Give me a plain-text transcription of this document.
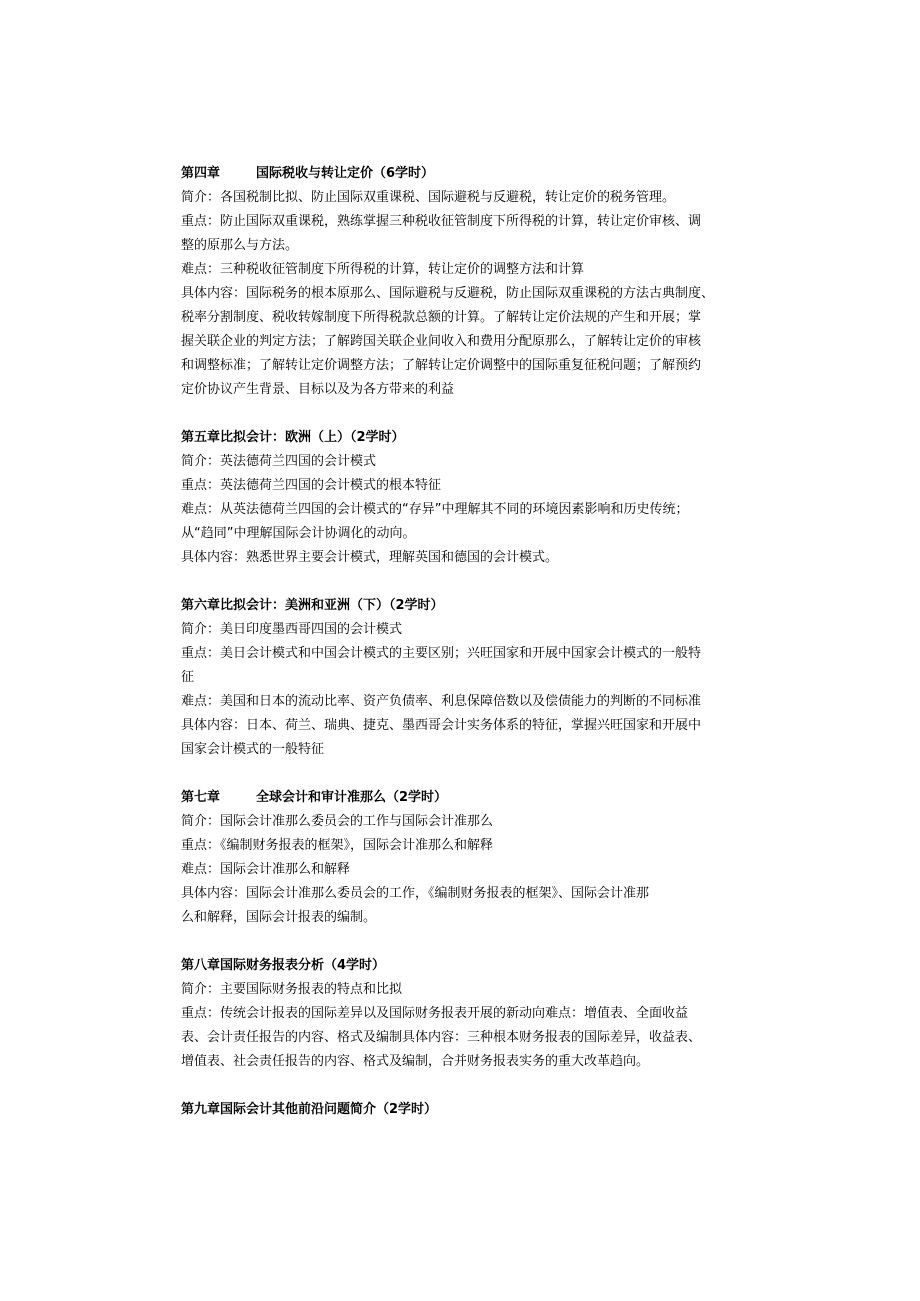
第四章	国际税收与转让定价（6学时）
简介：各国税制比拟、防止国际双重课税、国际避税与反避税，转让定价的税务管理。
重点：防止国际双重课税，熟练掌握三种税收征管制度下所得税的计算，转让定价审核、调
整的原那么与方法。
难点：三种税收征管制度下所得税的计算，转让定价的调整方法和计算
具体内容：国际税务的根本原那么、国际避税与反避税，防止国际双重课税的方法古典制度、
税率分割制度、税收转嫁制度下所得税款总额的计算。了解转让定价法规的产生和开展；掌
握关联企业的判定方法；了解跨国关联企业间收入和费用分配原那么，了解转让定价的审核
和调整标准；了解转让定价调整方法；了解转让定价调整中的国际重复征税问题；了解预约
定价协议产生背景、目标以及为各方带来的利益
第五章比拟会计：欧洲（上）（2学时）
简介：英法德荷兰四国的会计模式
重点：英法德荷兰四国的会计模式的根本特征
难点：从英法德荷兰四国的会计模式的“存异”中理解其不同的环境因素影响和历史传统；
从“趋同”中理解国际会计协调化的动向。
具体内容：熟悉世界主要会计模式，理解英国和德国的会计模式。
第六章比拟会计：美洲和亚洲（下）（2学时）
简介：美日印度墨西哥四国的会计模式
重点：美日会计模式和中国会计模式的主要区别；兴旺国家和开展中国家会计模式的一般特
征
难点：美国和日本的流动比率、资产负债率、利息保障倍数以及偿债能力的判断的不同标准
具体内容：日本、荷兰、瑞典、捷克、墨西哥会计实务体系的特征，掌握兴旺国家和开展中
国家会计模式的一般特征
第七章	全球会计和审计准那么（2学时）
简介：国际会计准那么委员会的工作与国际会计准那么
重点：《编制财务报表的框架》，国际会计准那么和解释
难点：国际会计准那么和解释
具体内容：国际会计准那么委员会的工作，《编制财务报表的框架》、国际会计准那
么和解释，国际会计报表的编制。
第八章国际财务报表分析（4学时）
简介：主要国际财务报表的特点和比拟
重点：传统会计报表的国际差异以及国际财务报表开展的新动向难点：增值表、全面收益
表、会计责任报告的内容、格式及编制具体内容：三种根本财务报表的国际差异，收益表、
增值表、社会责任报告的内容、格式及编制，合并财务报表实务的重大改革趋向。
第九章国际会计其他前沿问题简介（2学时）
